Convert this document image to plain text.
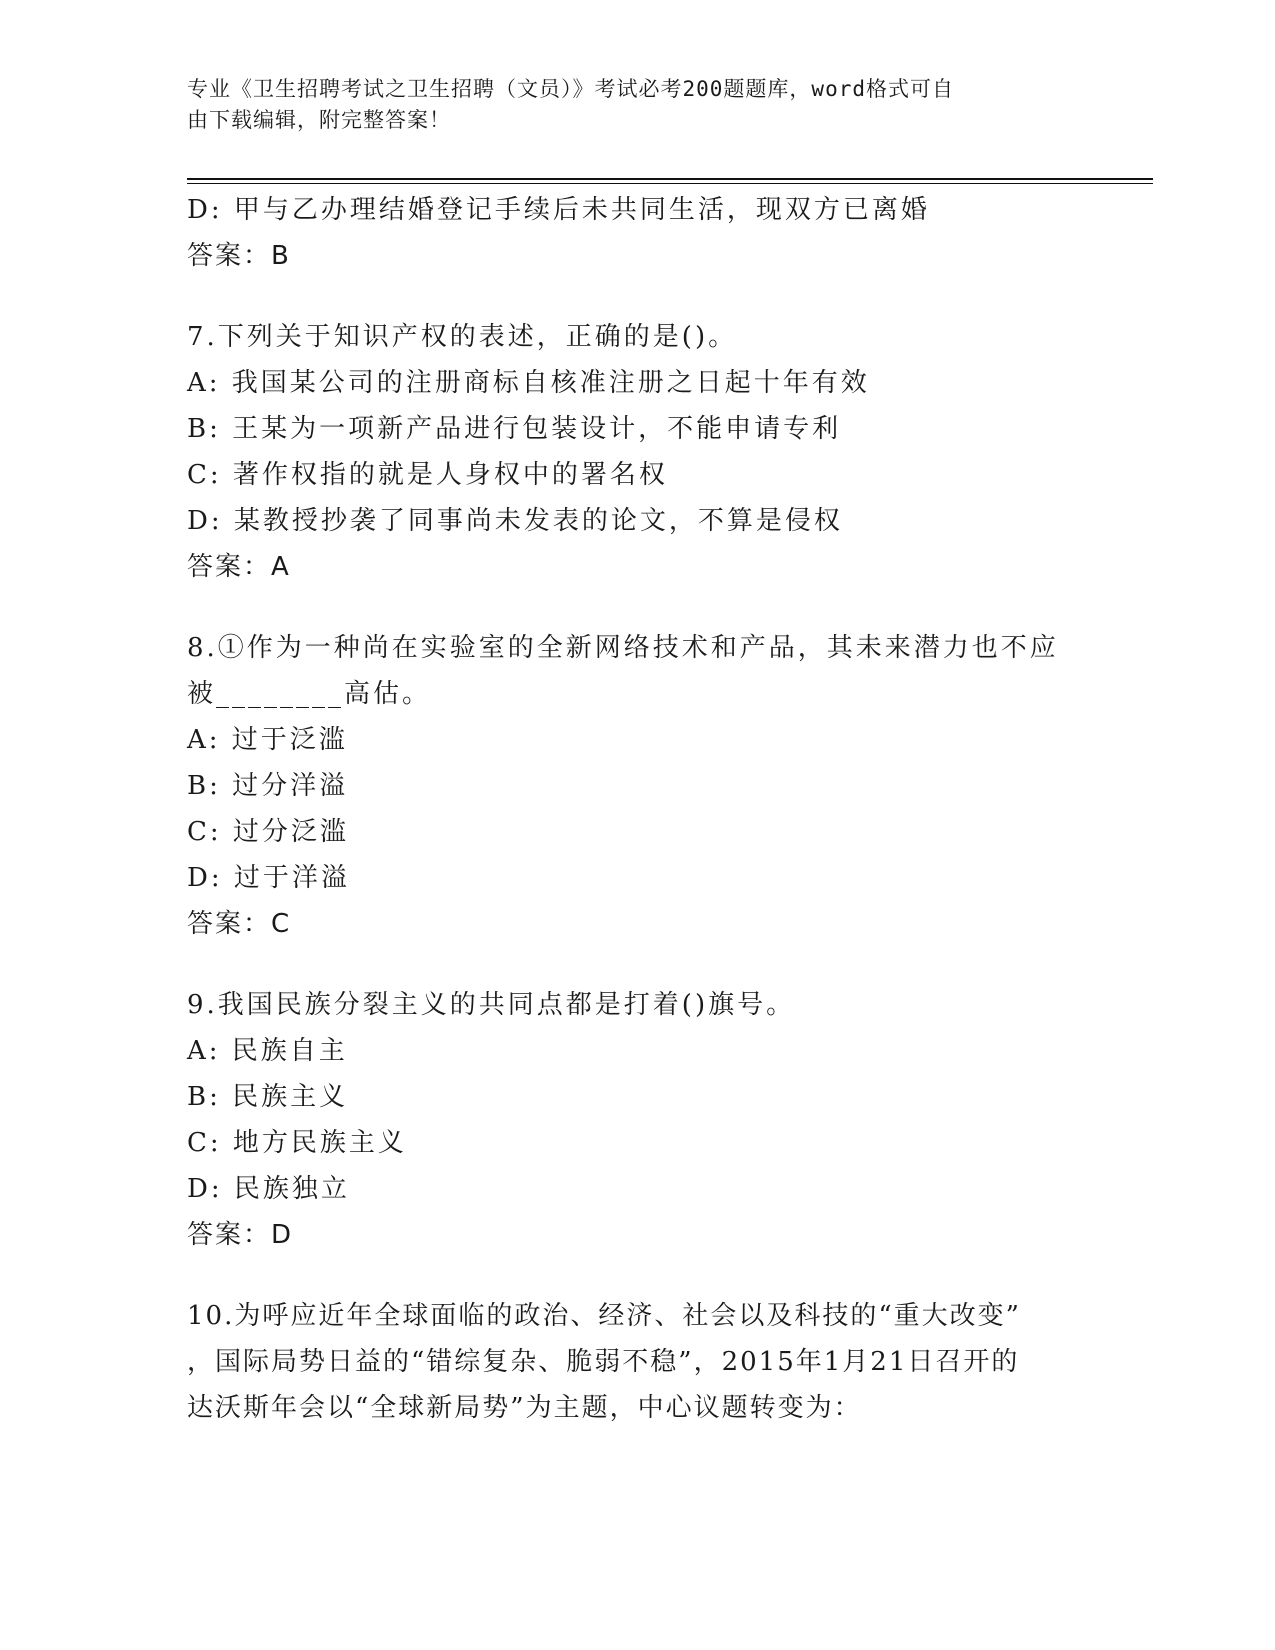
专业《卫生招聘考试之卫生招聘（文员）》考试必考200题题库，word格式可自
由下载编辑，附完整答案！
D: 甲与乙办理结婚登记手续后未共同生活，现双方已离婚
答案：B
7.下列关于知识产权的表述，正确的是()。
A: 我国某公司的注册商标自核准注册之日起十年有效
B: 王某为一项新产品进行包装设计，不能申请专利
C: 著作权指的就是人身权中的署名权
D: 某教授抄袭了同事尚未发表的论文，不算是侵权
答案：A
8.①作为一种尚在实验室的全新网络技术和产品，其未来潜力也不应
被________高估。
A: 过于泛滥
B: 过分洋溢
C: 过分泛滥
D: 过于洋溢
答案：C
9.我国民族分裂主义的共同点都是打着()旗号。
A: 民族自主
B: 民族主义
C: 地方民族主义
D: 民族独立
答案：D
10.为呼应近年全球面临的政治、经济、社会以及科技的“重大改变”
，国际局势日益的“错综复杂、脆弱不稳”，2015年1月21日召开的
达沃斯年会以“全球新局势”为主题，中心议题转变为：
